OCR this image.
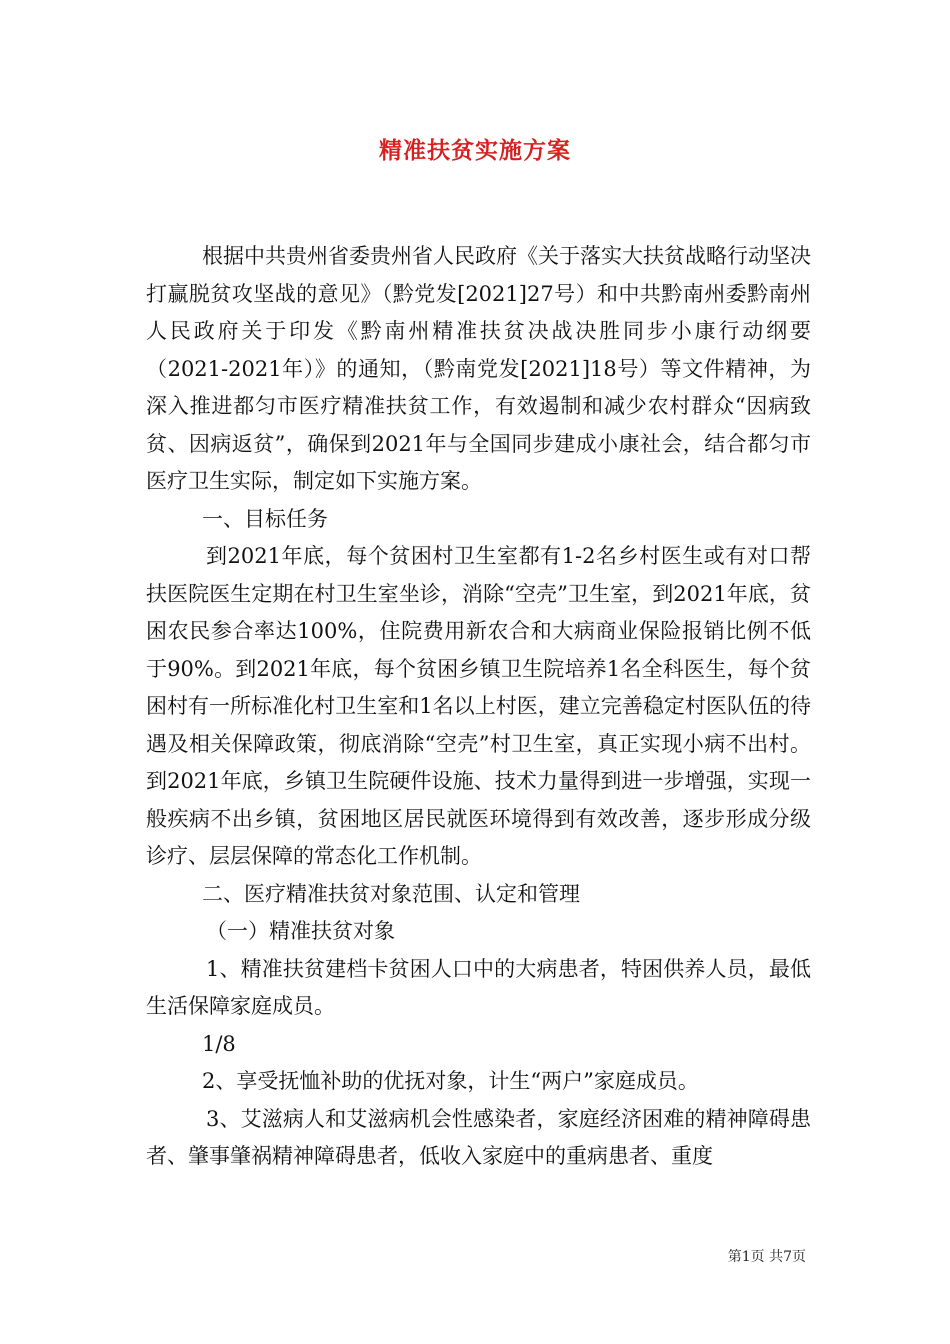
精准扶贫实施方案

根据中共贵州省委贵州省人民政府《关于落实大扶贫战略行动坚决打赢脱贫攻坚战的意见》（黔党发[2021]27号）和中共黔南州委黔南州人民政府关于印发《黔南州精准扶贫决战决胜同步小康行动纲要（2021-2021年）》的通知，（黔南党发[2021]18号）等文件精神，为深入推进都匀市医疗精准扶贫工作，有效遏制和减少农村群众“因病致贫、因病返贫”，确保到2021年与全国同步建成小康社会，结合都匀市医疗卫生实际，制定如下实施方案。

一、目标任务

到2021年底，每个贫困村卫生室都有1-2名乡村医生或有对口帮扶医院医生定期在村卫生室坐诊，消除“空壳”卫生室，到2021年底，贫困农民参合率达100%，住院费用新农合和大病商业保险报销比例不低于90%。到2021年底，每个贫困乡镇卫生院培养1名全科医生，每个贫困村有一所标准化村卫生室和1名以上村医，建立完善稳定村医队伍的待遇及相关保障政策，彻底消除“空壳”村卫生室，真正实现小病不出村。到2021年底，乡镇卫生院硬件设施、技术力量得到进一步增强，实现一般疾病不出乡镇，贫困地区居民就医环境得到有效改善，逐步形成分级诊疗、层层保障的常态化工作机制。

二、医疗精准扶贫对象范围、认定和管理

（一）精准扶贫对象

1、精准扶贫建档卡贫困人口中的大病患者，特困供养人员，最低生活保障家庭成员。

1/8

2、享受抚恤补助的优抚对象，计生“两户”家庭成员。

3、艾滋病人和艾滋病机会性感染者，家庭经济困难的精神障碍患者、肇事肇祸精神障碍患者，低收入家庭中的重病患者、重度

第1页 共7页
